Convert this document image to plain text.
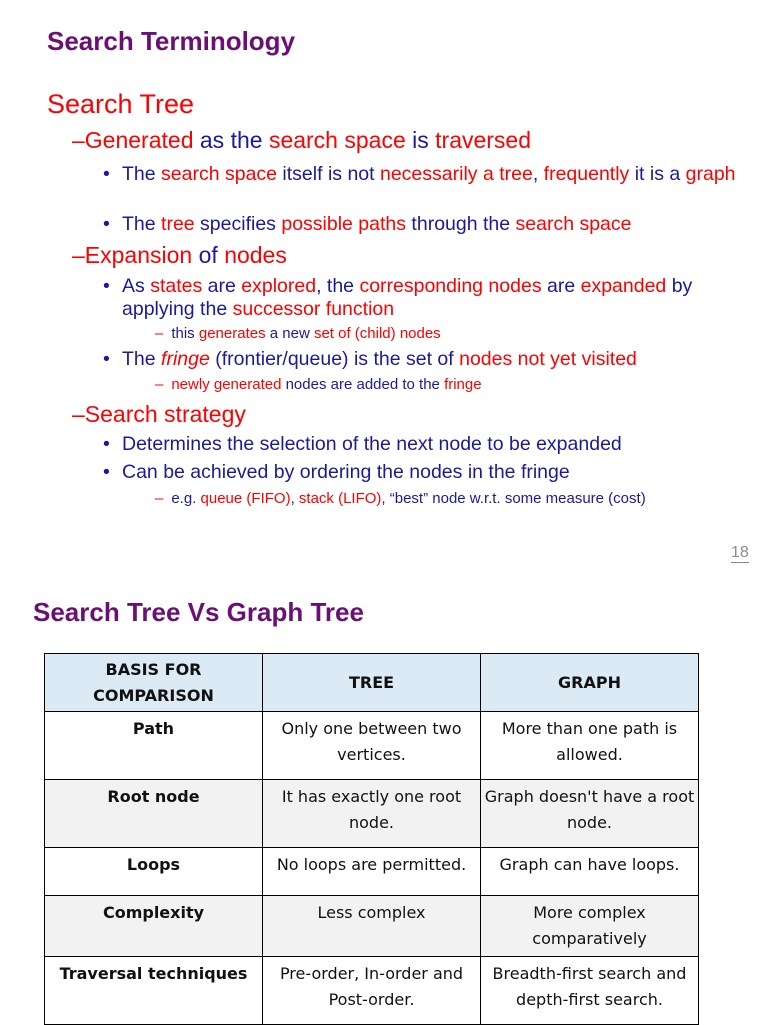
Search Terminology
Search Tree
–Generated as the search space is traversed
• The search space itself is not necessarily a tree, frequently it is a graph
• The tree specifies possible paths through the search space
–Expansion of nodes
• As states are explored, the corresponding nodes are expanded by applying the successor function
– this generates a new set of (child) nodes
• The fringe (frontier/queue) is the set of nodes not yet visited
– newly generated nodes are added to the fringe
–Search strategy
• Determines the selection of the next node to be expanded
• Can be achieved by ordering the nodes in the fringe
– e.g. queue (FIFO), stack (LIFO), “best” node w.r.t. some measure (cost)
18
Search Tree Vs Graph Tree
BASIS FOR COMPARISON	TREE	GRAPH
Path	Only one between two vertices.	More than one path is allowed.
Root node	It has exactly one root node.	Graph doesn't have a root node.
Loops	No loops are permitted.	Graph can have loops.
Complexity	Less complex	More complex comparatively
Traversal techniques	Pre-order, In-order and Post-order.	Breadth-first search and depth-first search.
